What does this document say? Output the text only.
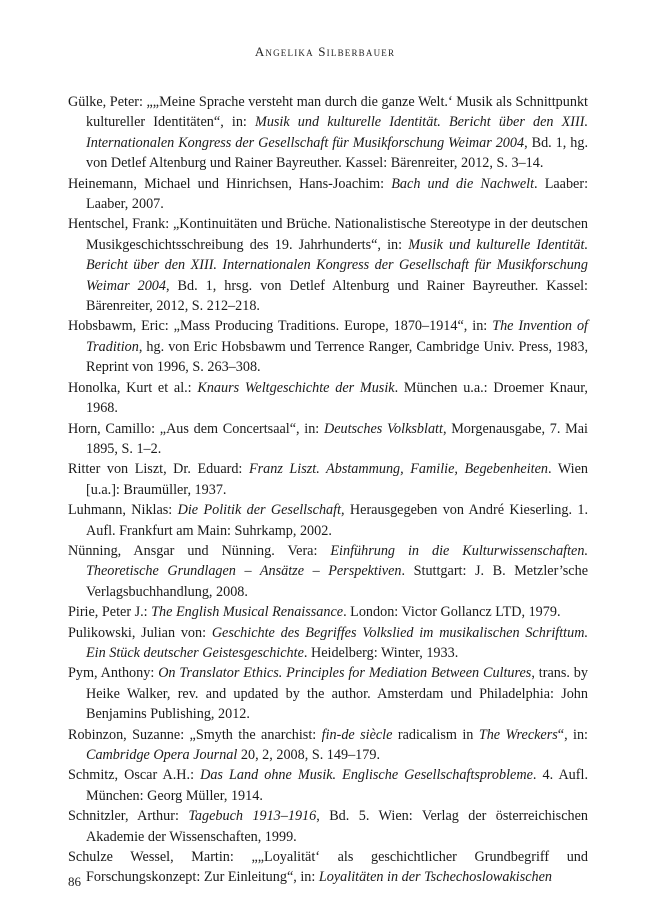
Angelika Silberbauer
Gülke, Peter: „„Meine Sprache versteht man durch die ganze Welt.‘ Musik als Schnittpunkt kultureller Identitäten“, in: Musik und kulturelle Identität. Bericht über den XIII. Internationalen Kongress der Gesellschaft für Musikforschung Weimar 2004, Bd. 1, hg. von Detlef Altenburg und Rainer Bayreuther. Kassel: Bärenreiter, 2012, S. 3–14.
Heinemann, Michael und Hinrichsen, Hans-Joachim: Bach und die Nachwelt. Laaber: Laaber, 2007.
Hentschel, Frank: „Kontinuitäten und Brüche. Nationalistische Stereotype in der deutschen Musikgeschichtsschreibung des 19. Jahrhunderts“, in: Musik und kulturelle Identität. Bericht über den XIII. Internationalen Kongress der Gesellschaft für Musikforschung Weimar 2004, Bd. 1, hrsg. von Detlef Altenburg und Rainer Bayreuther. Kassel: Bärenreiter, 2012, S. 212–218.
Hobsbawm, Eric: „Mass Producing Traditions. Europe, 1870–1914“, in: The Invention of Tradition, hg. von Eric Hobsbawm und Terrence Ranger, Cambridge Univ. Press, 1983, Reprint von 1996, S. 263–308.
Honolka, Kurt et al.: Knaurs Weltgeschichte der Musik. München u.a.: Droemer Knaur, 1968.
Horn, Camillo: „Aus dem Concertsaal“, in: Deutsches Volksblatt, Morgenausgabe, 7. Mai 1895, S. 1–2.
Ritter von Liszt, Dr. Eduard: Franz Liszt. Abstammung, Familie, Begebenheiten. Wien [u.a.]: Braumüller, 1937.
Luhmann, Niklas: Die Politik der Gesellschaft, Herausgegeben von André Kieserling. 1. Aufl. Frankfurt am Main: Suhrkamp, 2002.
Nünning, Ansgar und Nünning. Vera: Einführung in die Kulturwissenschaften. Theoretische Grundlagen – Ansätze – Perspektiven. Stuttgart: J. B. Metzler’sche Verlagsbuchhandlung, 2008.
Pirie, Peter J.: The English Musical Renaissance. London: Victor Gollancz LTD, 1979.
Pulikowski, Julian von: Geschichte des Begriffes Volkslied im musikalischen Schrifttum. Ein Stück deutscher Geistesgeschichte. Heidelberg: Winter, 1933.
Pym, Anthony: On Translator Ethics. Principles for Mediation Between Cultures, trans. by Heike Walker, rev. and updated by the author. Amsterdam und Philadelphia: John Benjamins Publishing, 2012.
Robinzon, Suzanne: „Smyth the anarchist: fin-de siècle radicalism in The Wreckers“, in: Cambridge Opera Journal 20, 2, 2008, S. 149–179.
Schmitz, Oscar A.H.: Das Land ohne Musik. Englische Gesellschaftsprobleme. 4. Aufl. München: Georg Müller, 1914.
Schnitzler, Arthur: Tagebuch 1913–1916, Bd. 5. Wien: Verlag der österreichischen Akademie der Wissenschaften, 1999.
Schulze Wessel, Martin: „„Loyalität‘ als geschichtlicher Grundbegriff und Forschungskonzept: Zur Einleitung“, in: Loyalitäten in der Tschechoslowakischen
86
